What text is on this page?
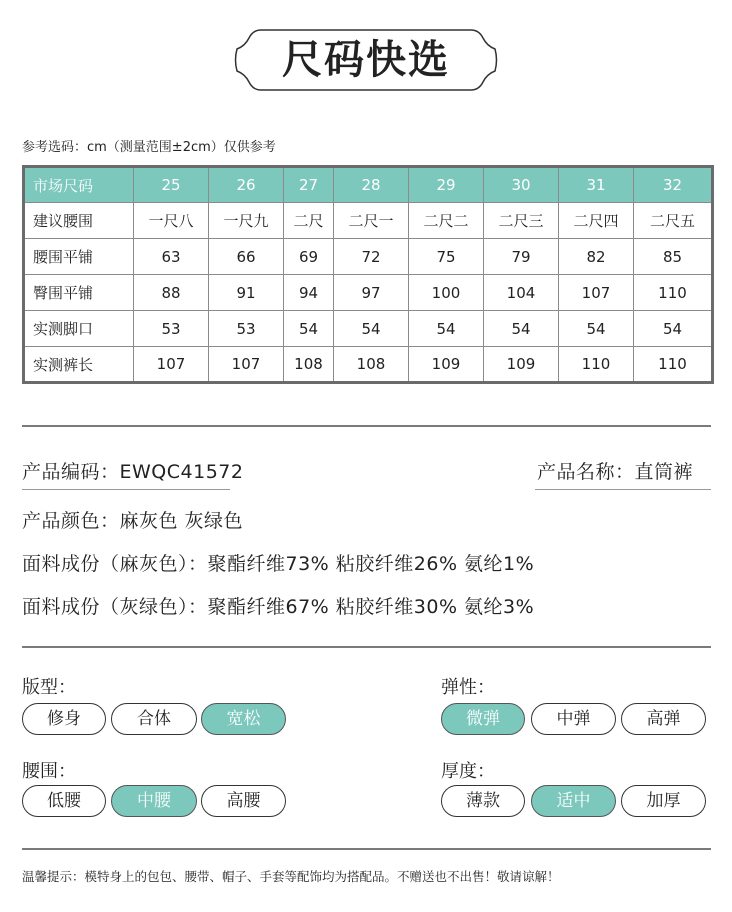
尺码快选
参考选码：cm（测量范围±2cm）仅供参考
市场尺码	25	26	27	28	29	30	31	32
建议腰围	一尺八	一尺九	二尺	二尺一	二尺二	二尺三	二尺四	二尺五
腰围平铺	63	66	69	72	75	79	82	85
臀围平铺	88	91	94	97	100	104	107	110
实测脚口	53	53	54	54	54	54	54	54
实测裤长	107	107	108	108	109	109	110	110
产品编码：EWQC41572	产品名称：直筒裤
产品颜色：麻灰色 灰绿色
面料成份（麻灰色）：聚酯纤维73% 粘胶纤维26% 氨纶1%
面料成份（灰绿色）：聚酯纤维67% 粘胶纤维30% 氨纶3%
版型：
修身	合体	宽松
弹性：
微弹	中弹	高弹
腰围：
低腰	中腰	高腰
厚度：
薄款	适中	加厚
温馨提示：模特身上的包包、腰带、帽子、手套等配饰均为搭配品。不赠送也不出售！敬请谅解！
